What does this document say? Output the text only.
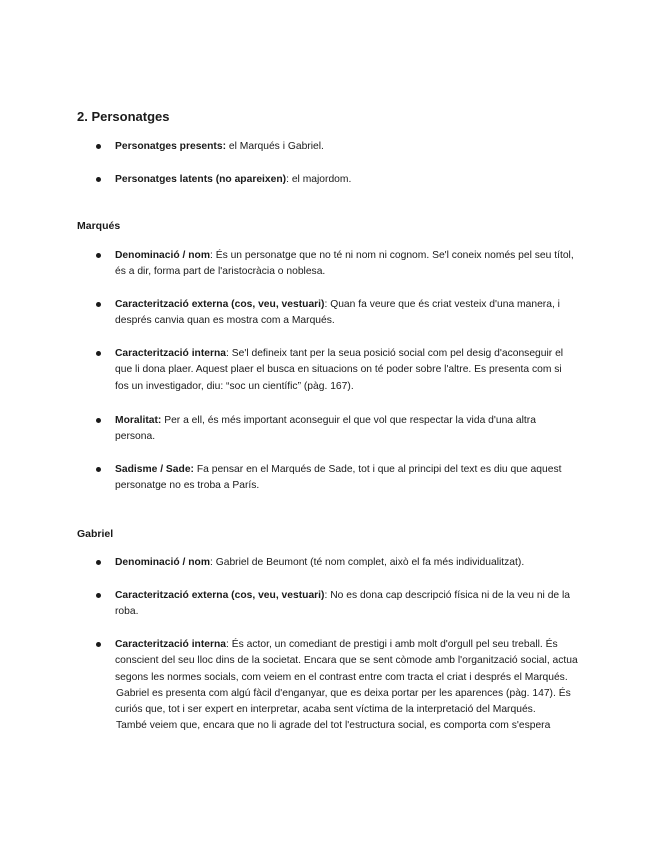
2. Personatges
Personatges presents: el Marqués i Gabriel.
Personatges latents (no apareixen): el majordom.
Marqués
Denominació / nom: És un personatge que no té ni nom ni cognom. Se'l coneix només pel seu títol, és a dir, forma part de l'aristocràcia o noblesa.
Caracterització externa (cos, veu, vestuari): Quan fa veure que és criat vesteix d'una manera, i després canvia quan es mostra com a Marqués.
Caracterització interna: Se'l defineix tant per la seua posició social com pel desig d'aconseguir el que li dona plaer. Aquest plaer el busca en situacions on té poder sobre l'altre. Es presenta com si fos un investigador, diu: “soc un científic” (pàg. 167).
Moralitat: Per a ell, és més important aconseguir el que vol que respectar la vida d'una altra persona.
Sadisme / Sade: Fa pensar en el Marqués de Sade, tot i que al principi del text es diu que aquest personatge no es troba a París.
Gabriel
Denominació / nom: Gabriel de Beumont (té nom complet, això el fa més individualitzat).
Caracterització externa (cos, veu, vestuari): No es dona cap descripció física ni de la veu ni de la roba.

Caracterització interna: És actor, un comediant de prestigi i amb molt d'orgull pel seu treball. És conscient del seu lloc dins de la societat. Encara que se sent còmode amb l'organització social, actua segons les normes socials, com veiem en el contrast entre com tracta el criat i després el Marqués.

Gabriel es presenta com algú fàcil d'enganyar, que es deixa portar per les aparences (pàg. 147). És curiós que, tot i ser expert en interpretar, acaba sent víctima de la interpretació del Marqués.

També veiem que, encara que no li agrade del tot l'estructura social, es comporta com s'espera
